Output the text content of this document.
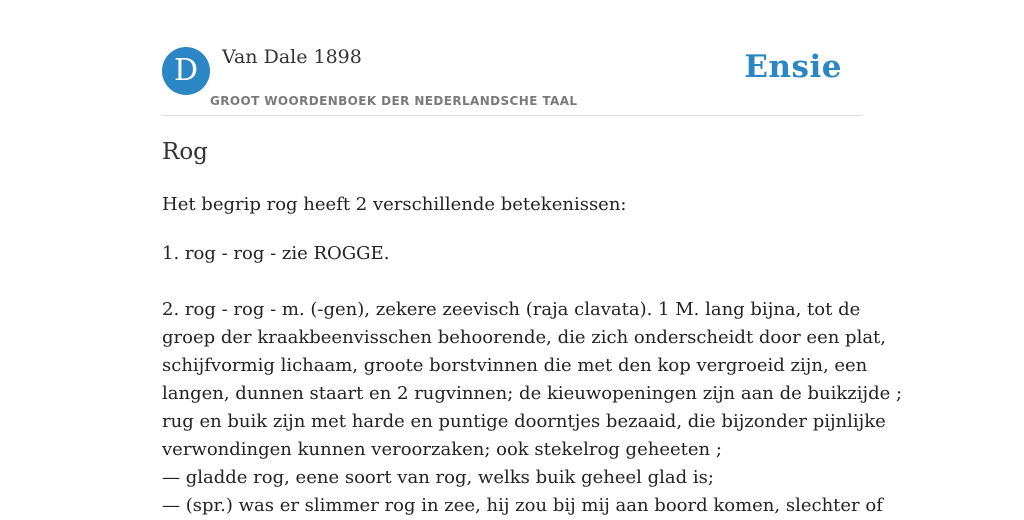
D	Van Dale 1898
GROOT WOORDENBOEK DER NEDERLANDSCHE TAAL
Ensie
Rog
Het begrip rog heeft 2 verschillende betekenissen:

1. rog - rog - zie ROGGE.

2. rog - rog - m. (-gen), zekere zeevisch (raja clavata). 1 M. lang bijna, tot de
groep der kraakbeenvisschen behoorende, die zich onderscheidt door een plat,
schijfvormig lichaam, groote borstvinnen die met den kop vergroeid zijn, een
langen, dunnen staart en 2 rugvinnen; de kieuwopeningen zijn aan de buikzijde ;
rug en buik zijn met harde en puntige doorntjes bezaaid, die bijzonder pijnlijke
verwondingen kunnen veroorzaken; ook stekelrog geheeten ;
— gladde rog, eene soort van rog, welks buik geheel glad is;
— (spr.) was er slimmer rog in zee, hij zou bij mij aan boord komen, slechter of
